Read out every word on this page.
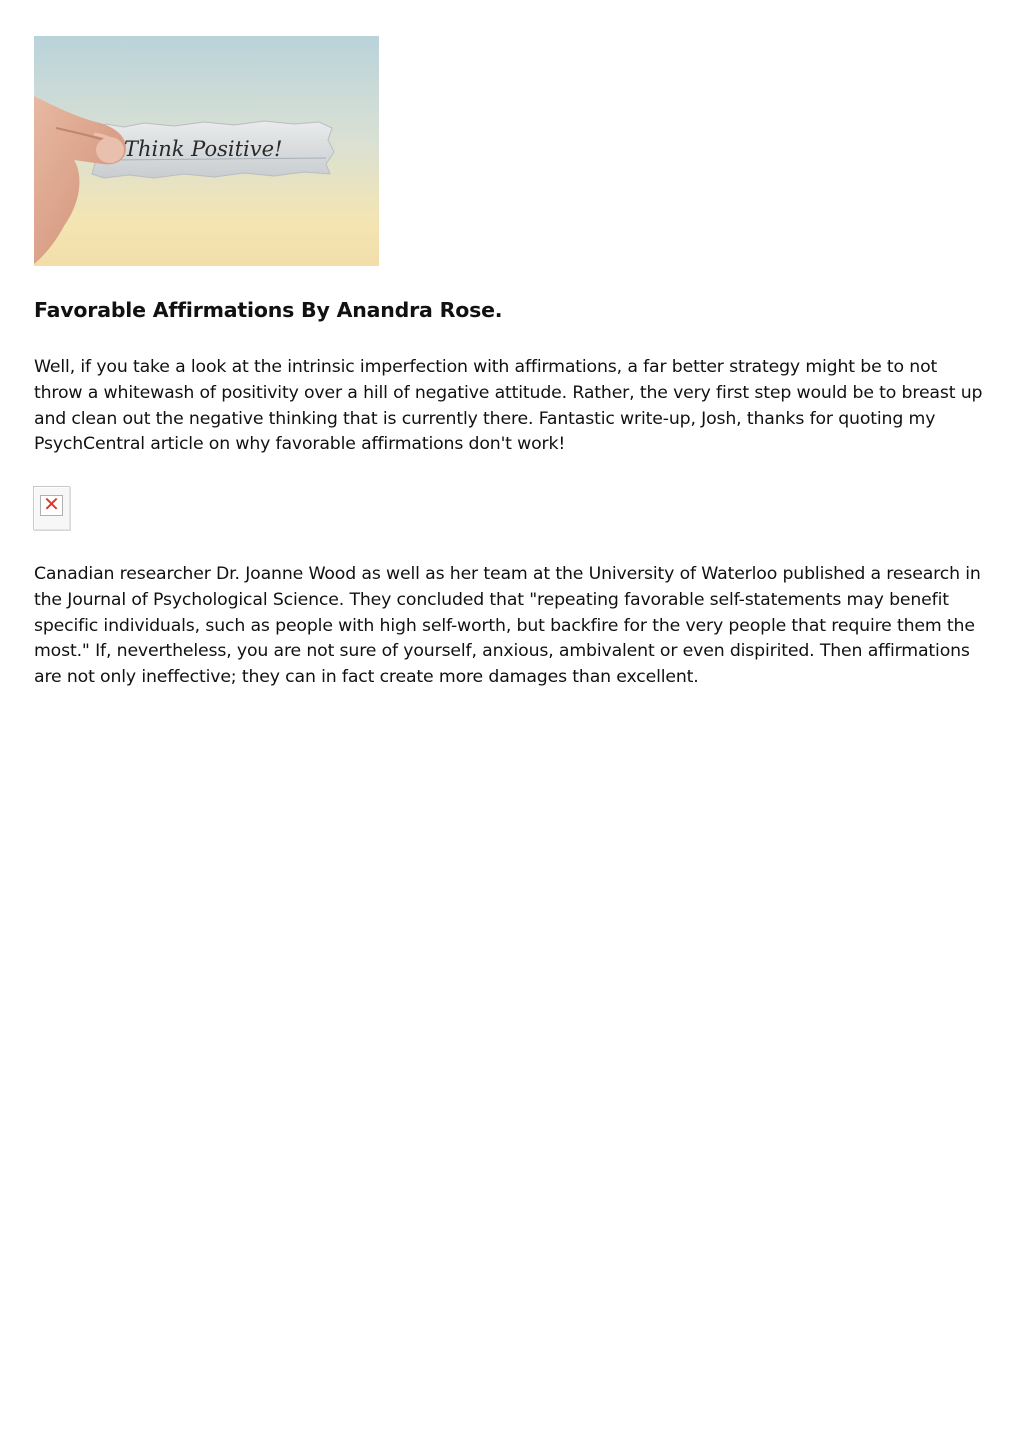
Think Positive!
Favorable Affirmations By Anandra Rose.

Well, if you take a look at the intrinsic imperfection with affirmations, a far better strategy might be to not throw a whitewash of positivity over a hill of negative attitude. Rather, the very first step would be to breast up and clean out the negative thinking that is currently there. Fantastic write-up, Josh, thanks for quoting my PsychCentral article on why favorable affirmations don't work!

✕

Canadian researcher Dr. Joanne Wood as well as her team at the University of Waterloo published a research in the Journal of Psychological Science. They concluded that "repeating favorable self-statements may benefit specific individuals, such as people with high self-worth, but backfire for the very people that require them the most." If, nevertheless, you are not sure of yourself, anxious, ambivalent or even dispirited. Then affirmations are not only ineffective; they can in fact create more damages than excellent.
